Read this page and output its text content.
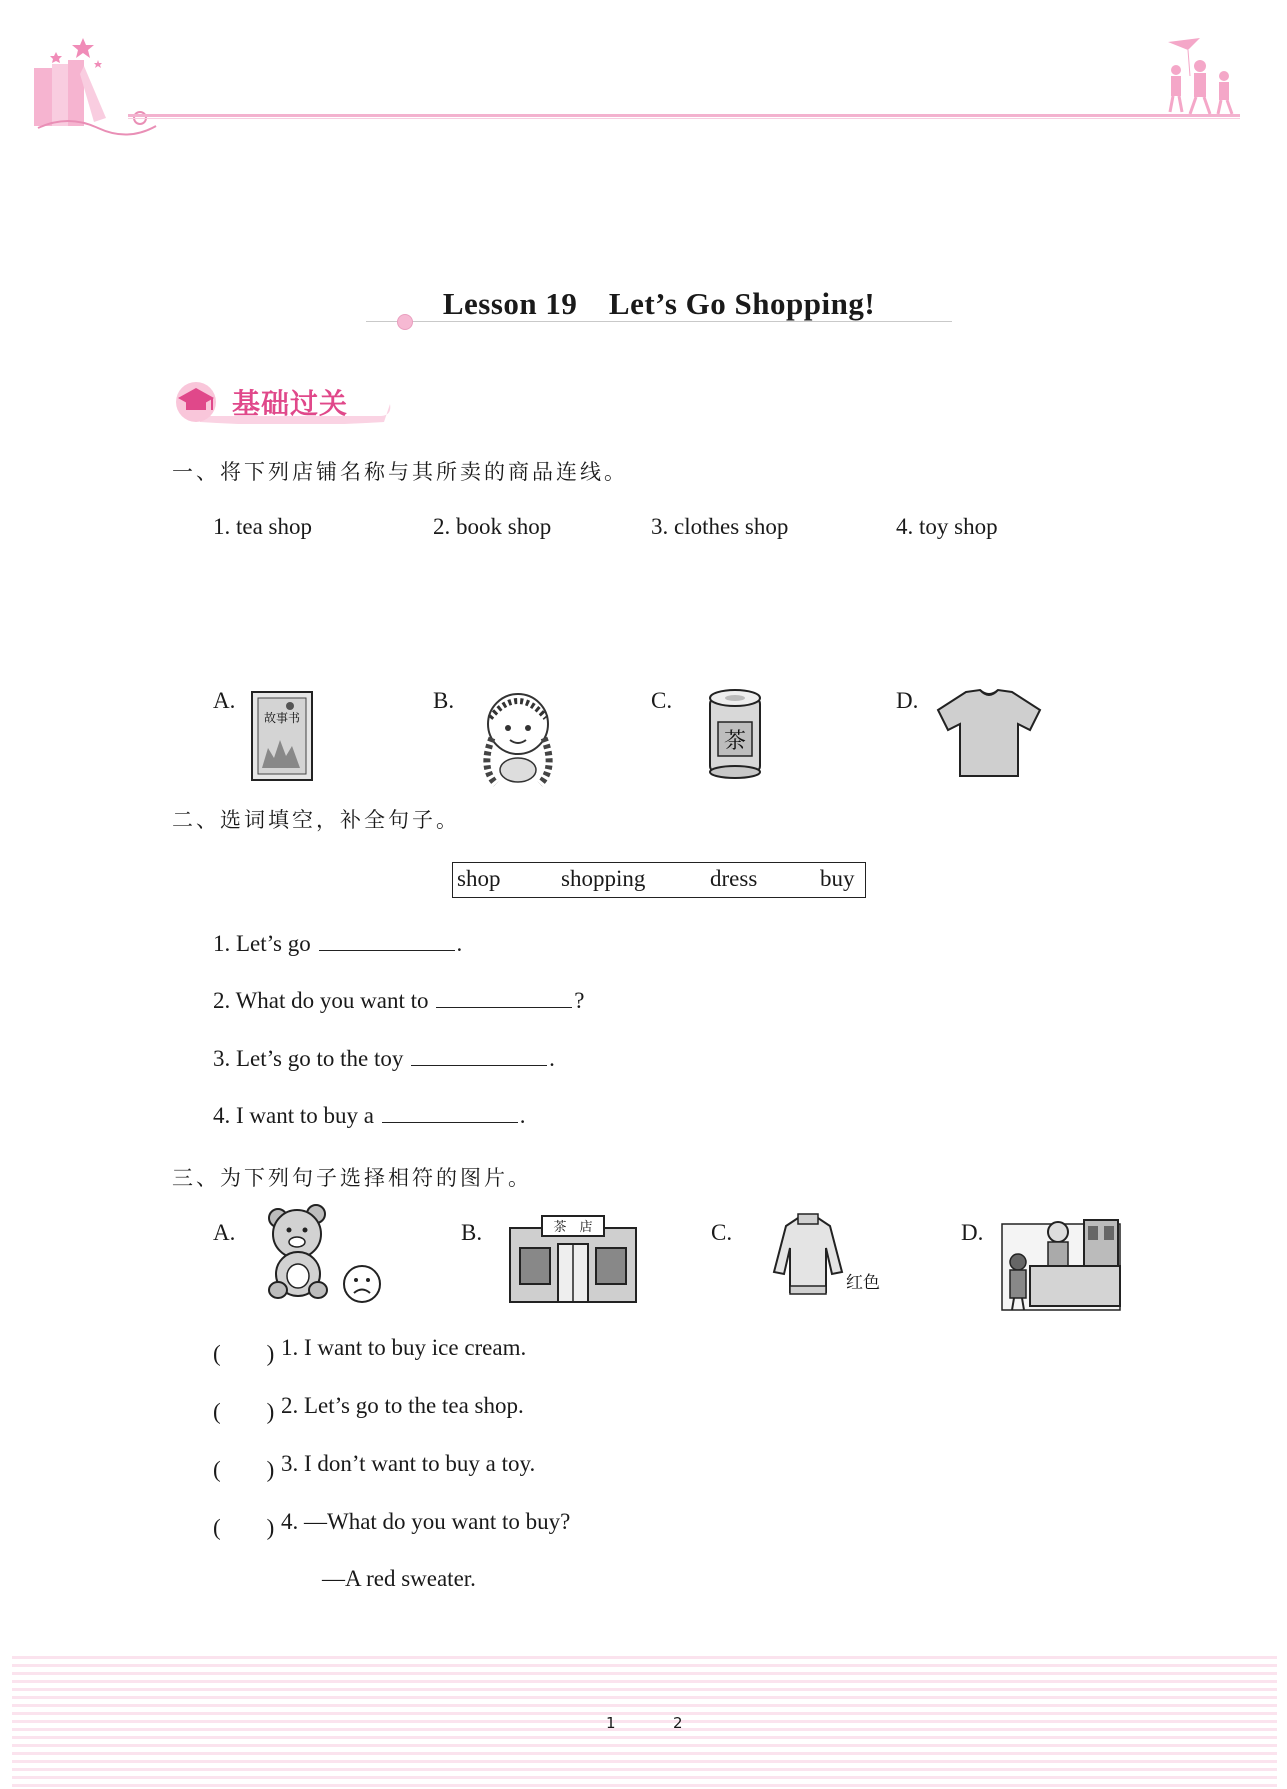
Lesson 19　Let’s Go Shopping!
基础过关
一、将下列店铺名称与其所卖的商品连线。
1. tea shop	2. book shop	3. clothes shop	4. toy shop
A.
故事书
B.	C.
茶
D.
二、选词填空，补全句子。
shop	shopping	dress	buy
1. Let’s go	.
2. What do you want to	?
3. Let’s go to the toy	.
4. I want to buy a	.
三、为下列句子选择相符的图片。
A.	B.	茶　店	C.
红色
D.
(　　) 1. I want to buy ice cream.
(　　) 2. Let’s go to the tea shop.
(　　) 3. I don’t want to buy a toy.
(　　) 4. —What do you want to buy?
—A red sweater.
1	2
